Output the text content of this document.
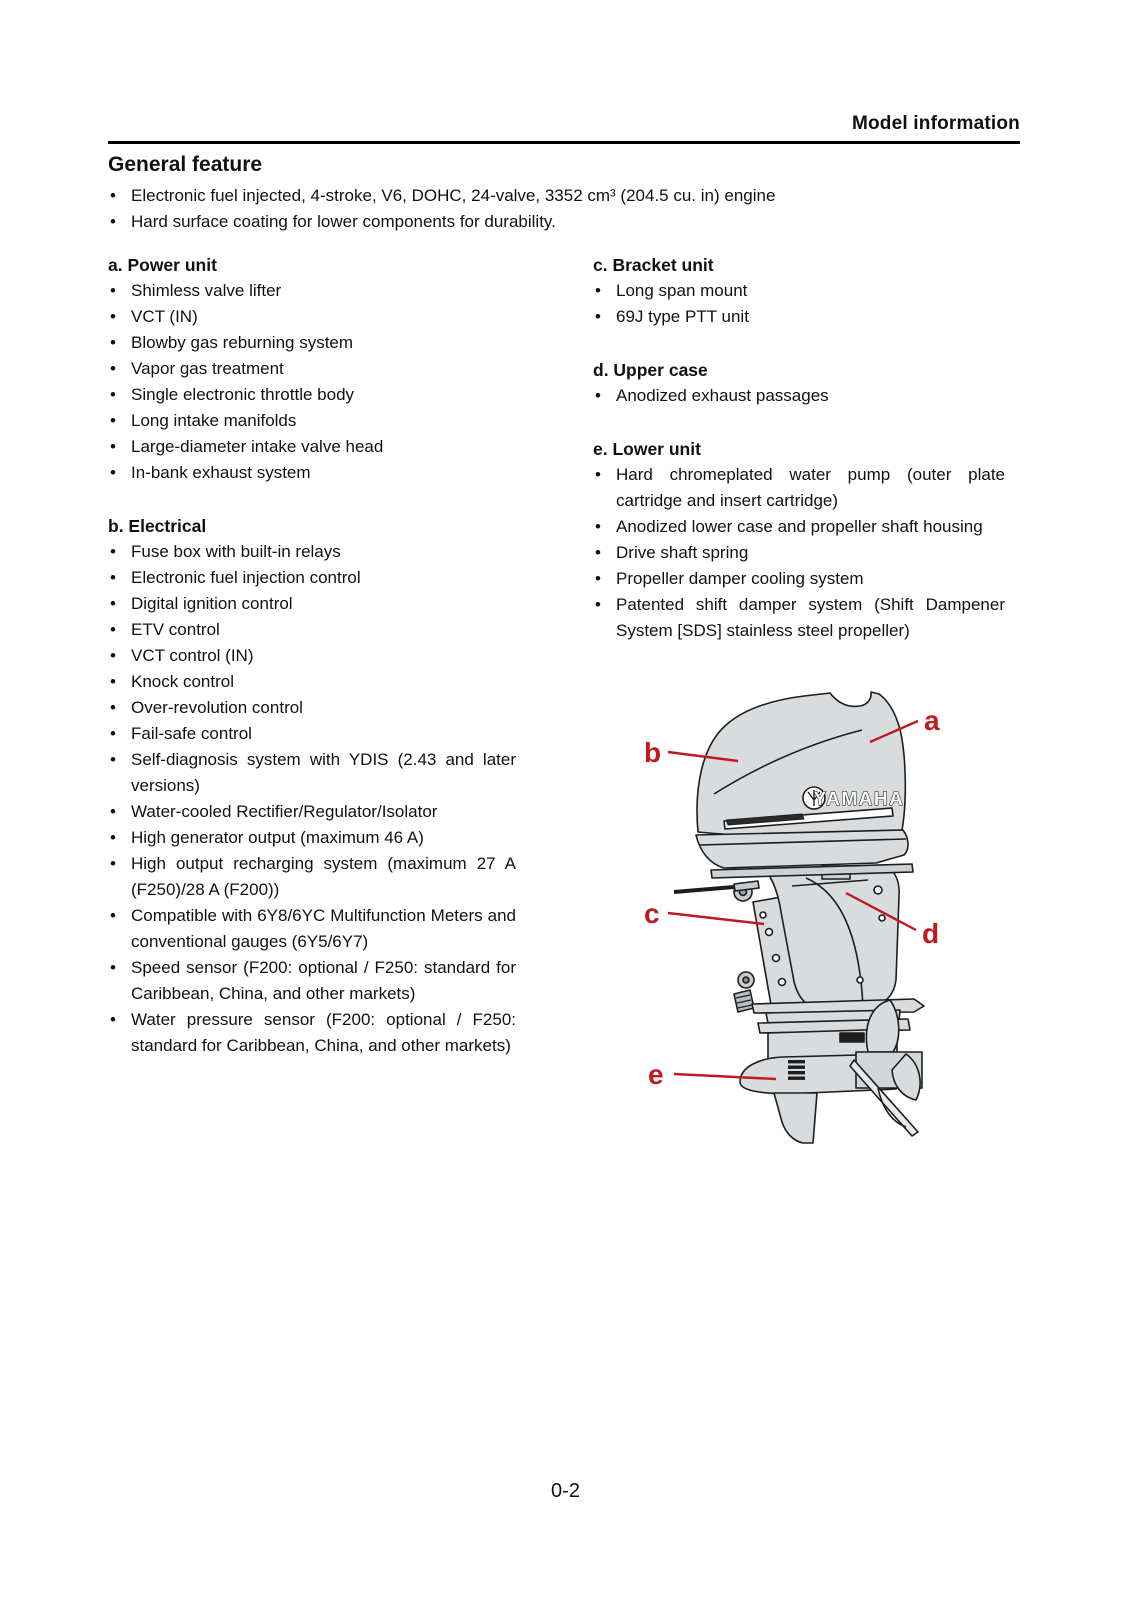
Model information
General feature
• Electronic fuel injected, 4-stroke, V6, DOHC, 24-valve, 3352 cm³ (204.5 cu. in) engine
• Hard surface coating for lower components for durability.
a. Power unit
• Shimless valve lifter
• VCT (IN)
• Blowby gas reburning system
• Vapor gas treatment
• Single electronic throttle body
• Long intake manifolds
• Large-diameter intake valve head
• In-bank exhaust system
b. Electrical
• Fuse box with built-in relays
• Electronic fuel injection control
• Digital ignition control
• ETV control
• VCT control (IN)
• Knock control
• Over-revolution control
• Fail-safe control
• Self-diagnosis system with YDIS (2.43 and later versions)
• Water-cooled Rectifier/Regulator/Isolator
• High generator output (maximum 46 A)
• High output recharging system (maximum 27 A (F250)/28 A (F200))
• Compatible with 6Y8/6YC Multifunction Meters and conventional gauges (6Y5/6Y7)
• Speed sensor (F200: optional / F250: standard for Caribbean, China, and other markets)
• Water pressure sensor (F200: optional / F250: standard for Caribbean, China, and other markets)
c. Bracket unit
• Long span mount
• 69J type PTT unit
d. Upper case
• Anodized exhaust passages
e. Lower unit
• Hard chromeplated water pump (outer plate cartridge and insert cartridge)
• Anodized lower case and propeller shaft housing
• Drive shaft spring
• Propeller damper cooling system
• Patented shift damper system (Shift Dampener System [SDS] stainless steel propeller)
YAMAHA
a
b
c
d
e
0-2
